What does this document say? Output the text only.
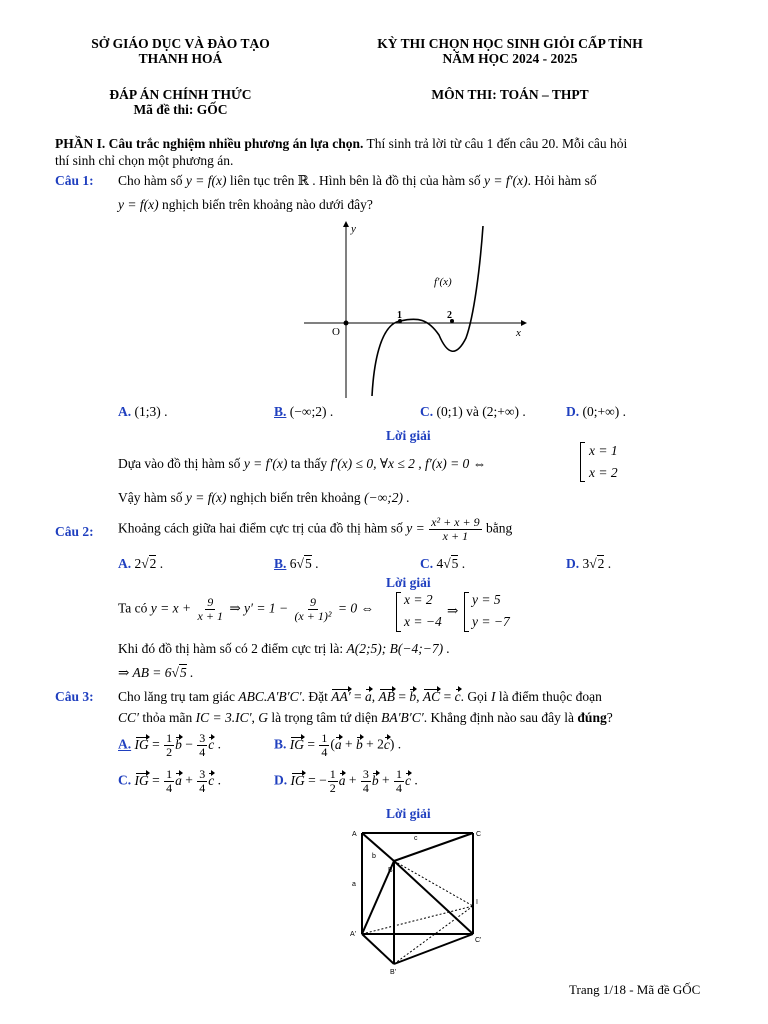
SỞ GIÁO DỤC VÀ ĐÀO TẠO
THANH HOÁ
KỲ THI CHỌN HỌC SINH GIỎI CẤP TỈNH
NĂM HỌC 2024 - 2025
ĐÁP ÁN CHÍNH THỨC
Mã đề thi: GỐC
MÔN THI: TOÁN – THPT
PHẦN I. Câu trắc nghiệm nhiều phương án lựa chọn. Thí sinh trả lời từ câu 1 đến câu 20. Mỗi câu hỏi
thí sinh chỉ chọn một phương án.
Câu 1: Cho hàm số y = f(x) liên tục trên ℝ . Hình bên là đồ thị của hàm số y = f′(x). Hỏi hàm số
y = f(x) nghịch biến trên khoảng nào dưới đây?
y
x
O
f′(x)
1	2
A. (1;3) .	B. (−∞;2) .	C. (0;1) và (2;+∞) .	D. (0;+∞) .
Lời giải
Dựa vào đồ thị hàm số y = f′(x) ta thấy f′(x) ≤ 0, ∀x ≤ 2 , f′(x) = 0 ⇔
x = 1
x = 2
Vậy hàm số y = f(x) nghịch biến trên khoảng (−∞;2) .
Câu 2: Khoảng cách giữa hai điểm cực trị của đồ thị hàm số $y = \frac{\text{x² + x + 9}}{x + 1}$ bằng
A. 2√2 .	B. 6√5 .	C. 4√5 .	D. 3√2 .
Lời giải
Ta có $y = x + \frac{9}{x + 1}$ ⇒ $y' = 1 - \frac{9}{\text{(x + 1)²}} = 0$ ⇔
x = 2
x = −4
⇒
y = 5
y = −7
Khi đó đồ thị hàm số có 2 điểm cực trị là: A(2;5); B(−4;−7) .
⇒ AB = 6√5 .
Câu 3: Cho lăng trụ tam giác ABC.A′B′C′. Đặt AA′ = a, AB = b, AC = c. Gọi I là điểm thuộc đoạn
CC′ thỏa mãn IC = 3.IC′, G là trọng tâm tứ diện BA′B′C′. Khẳng định nào sau đây là đúng?
A. IG = $\frac{1}{2}$ $b - \frac{3}{4}$ c .	B. IG = $\frac{1}{4} (a + b + 2c)$ .
C. IG = $\frac{1}{4}$ $a + \frac{3}{4}$ c .	D. IG = − $\frac{1}{2}$ $a + \frac{3}{4}$ $b + \frac{1}{4}$ c .
Lời giải
A	C
B
A'
C'
B'
I
a
b
c
Trang 1/18 - Mã đề GỐC
